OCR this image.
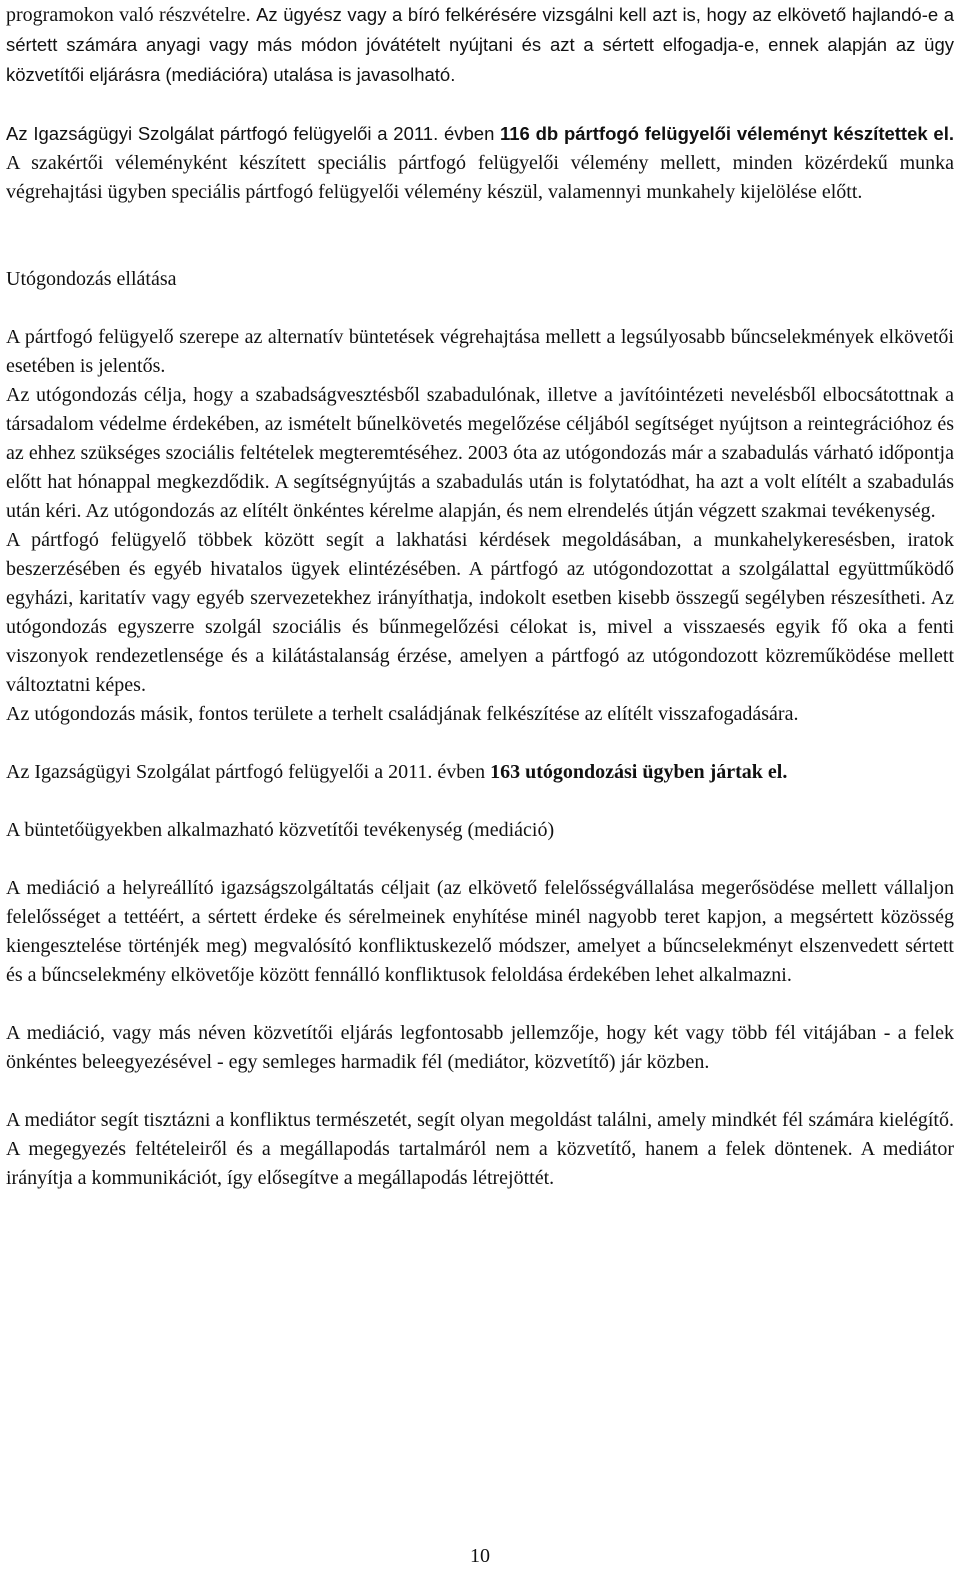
programokon való részvételre. Az ügyész vagy a bíró felkérésére vizsgálni kell azt is, hogy az elkövető hajlandó-e a sértett számára anyagi vagy más módon jóvátételt nyújtani és azt a sértett elfogadja-e, ennek alapján az ügy közvetítői eljárásra (mediációra) utalása is javasolható.

Az Igazságügyi Szolgálat pártfogó felügyelői a 2011. évben 116 db pártfogó felügyelői véleményt készítettek el. A szakértői véleményként készített speciális pártfogó felügyelői vélemény mellett, minden közérdekű munka végrehajtási ügyben speciális pártfogó felügyelői vélemény készül, valamennyi munkahely kijelölése előtt.

Utógondozás ellátása

A pártfogó felügyelő szerepe az alternatív büntetések végrehajtása mellett a legsúlyosabb bűncselekmények elkövetői esetében is jelentős.

Az utógondozás célja, hogy a szabadságvesztésből szabadulónak, illetve a javítóintézeti nevelésből elbocsátottnak a társadalom védelme érdekében, az ismételt bűnelkövetés megelőzése céljából segítséget nyújtson a reintegrációhoz és az ehhez szükséges szociális feltételek megteremtéséhez. 2003 óta az utógondozás már a szabadulás várható időpontja előtt hat hónappal megkezdődik. A segítségnyújtás a szabadulás után is folytatódhat, ha azt a volt elítélt a szabadulás után kéri. Az utógondozás az elítélt önkéntes kérelme alapján, és nem elrendelés útján végzett szakmai tevékenység.

A pártfogó felügyelő többek között segít a lakhatási kérdések megoldásában, a munkahelykeresésben, iratok beszerzésében és egyéb hivatalos ügyek elintézésében. A pártfogó az utógondozottat a szolgálattal együttműködő egyházi, karitatív vagy egyéb szervezetekhez irányíthatja, indokolt esetben kisebb összegű segélyben részesítheti. Az utógondozás egyszerre szolgál szociális és bűnmegelőzési célokat is, mivel a visszaesés egyik fő oka a fenti viszonyok rendezetlensége és a kilátástalanság érzése, amelyen a pártfogó az utógondozott közreműködése mellett változtatni képes.

Az utógondozás másik, fontos területe a terhelt családjának felkészítése az elítélt visszafogadására.

Az Igazságügyi Szolgálat pártfogó felügyelői a 2011. évben 163 utógondozási ügyben jártak el.

A büntetőügyekben alkalmazható közvetítői tevékenység (mediáció)

A mediáció a helyreállító igazságszolgáltatás céljait (az elkövető felelősségvállalása megerősödése mellett vállaljon felelősséget a tettéért, a sértett érdeke és sérelmeinek enyhítése minél nagyobb teret kapjon, a megsértett közösség kiengesztelése történjék meg) megvalósító konfliktuskezelő módszer, amelyet a bűncselekményt elszenvedett sértett és a bűncselekmény elkövetője között fennálló konfliktusok feloldása érdekében lehet alkalmazni.

A mediáció, vagy más néven közvetítői eljárás legfontosabb jellemzője, hogy két vagy több fél vitájában - a felek önkéntes beleegyezésével - egy semleges harmadik fél (mediátor, közvetítő) jár közben.

A mediátor segít tisztázni a konfliktus természetét, segít olyan megoldást találni, amely mindkét fél számára kielégítő. A megegyezés feltételeiről és a megállapodás tartalmáról nem a közvetítő, hanem a felek döntenek. A mediátor irányítja a kommunikációt, így elősegítve a megállapodás létrejöttét.

10
